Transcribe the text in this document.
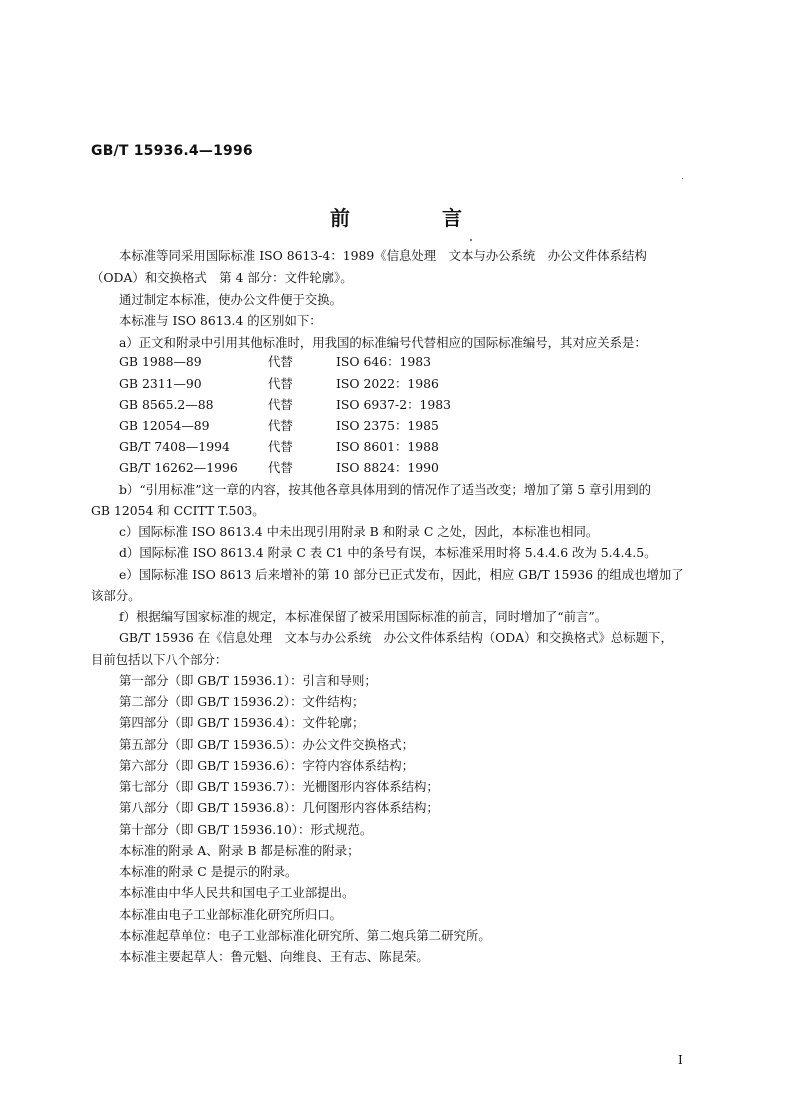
GB/T 15936.4—1996
前　言
本标准等同采用国际标准 ISO 8613-4：1989《信息处理　文本与办公系统　办公文件体系结构
（ODA）和交换格式　第 4 部分：文件轮廓》。
通过制定本标准，使办公文件便于交换。
本标准与 ISO 8613.4 的区别如下：
a）正文和附录中引用其他标准时，用我国的标准编号代替相应的国际标准编号，其对应关系是：
GB 1988—89	代替	ISO 646：1983
GB 2311—90	代替	ISO 2022：1986
GB 8565.2—88	代替	ISO 6937-2：1983
GB 12054—89	代替	ISO 2375：1985
GB/T 7408—1994	代替	ISO 8601：1988
GB/T 16262—1996 代替	ISO 8824：1990
b）“引用标准”这一章的内容，按其他各章具体用到的情况作了适当改变；增加了第 5 章引用到的
GB 12054 和 CCITT T.503。
c）国际标准 ISO 8613.4 中未出现引用附录 B 和附录 C 之处，因此，本标准也相同。
d）国际标准 ISO 8613.4 附录 C 表 C1 中的条号有误，本标准采用时将 5.4.4.6 改为 5.4.4.5。
e）国际标准 ISO 8613 后来增补的第 10 部分已正式发布，因此，相应 GB/T 15936 的组成也增加了
该部分。
f）根据编写国家标准的规定，本标准保留了被采用国际标准的前言，同时增加了“前言”。
GB/T 15936 在《信息处理　文本与办公系统　办公文件体系结构（ODA）和交换格式》总标题下，
目前包括以下八个部分：
第一部分（即 GB/T 15936.1）：引言和导则；
第二部分（即 GB/T 15936.2）：文件结构；
第四部分（即 GB/T 15936.4）：文件轮廓；
第五部分（即 GB/T 15936.5）：办公文件交换格式；
第六部分（即 GB/T 15936.6）：字符内容体系结构；
第七部分（即 GB/T 15936.7）：光栅图形内容体系结构；
第八部分（即 GB/T 15936.8）：几何图形内容体系结构；
第十部分（即 GB/T 15936.10）：形式规范。
本标准的附录 A、附录 B 都是标准的附录；
本标准的附录 C 是提示的附录。
本标准由中华人民共和国电子工业部提出。
本标准由电子工业部标准化研究所归口。
本标准起草单位：电子工业部标准化研究所、第二炮兵第二研究所。
本标准主要起草人：鲁元魁、向维良、王有志、陈昆荣。
I
